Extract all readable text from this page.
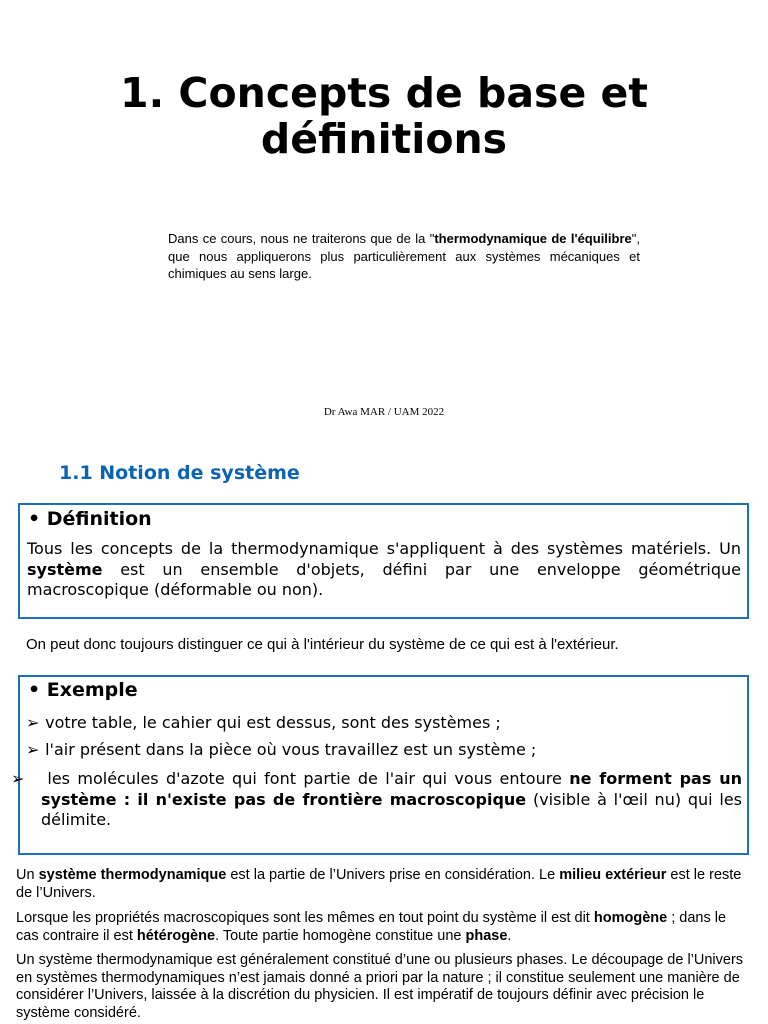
1. Concepts de base et
définitions
Dans ce cours, nous ne traiterons que de la "thermodynamique de l'équilibre", que nous appliquerons plus particulièrement aux systèmes mécaniques et chimiques au sens large.
Dr Awa MAR / UAM 2022
1.1 Notion de système
• Définition
Tous les concepts de la thermodynamique s'appliquent à des systèmes matériels. Un système est un ensemble d'objets, défini par une enveloppe géométrique macroscopique (déformable ou non).
On peut donc toujours distinguer ce qui à l'intérieur du système de ce qui est à l'extérieur.
• Exemple
➢ votre table, le cahier qui est dessus, sont des systèmes ;
➢ l'air présent dans la pièce où vous travaillez est un système ;
➢ les molécules d'azote qui font partie de l'air qui vous entoure ne forment pas un système : il n'existe pas de frontière macroscopique (visible à l'œil nu) qui les délimite.
Un système thermodynamique est la partie de l’Univers prise en considération. Le milieu extérieur est le reste de l’Univers.
Lorsque les propriétés macroscopiques sont les mêmes en tout point du système il est dit homogène ; dans le cas contraire il est hétérogène. Toute partie homogène constitue une phase.
Un système thermodynamique est généralement constitué d’une ou plusieurs phases. Le découpage de l’Univers en systèmes thermodynamiques n’est jamais donné a priori par la nature ; il constitue seulement une manière de considérer l’Univers, laissée à la discrétion du physicien. Il est impératif de toujours définir avec précision le système considéré.
